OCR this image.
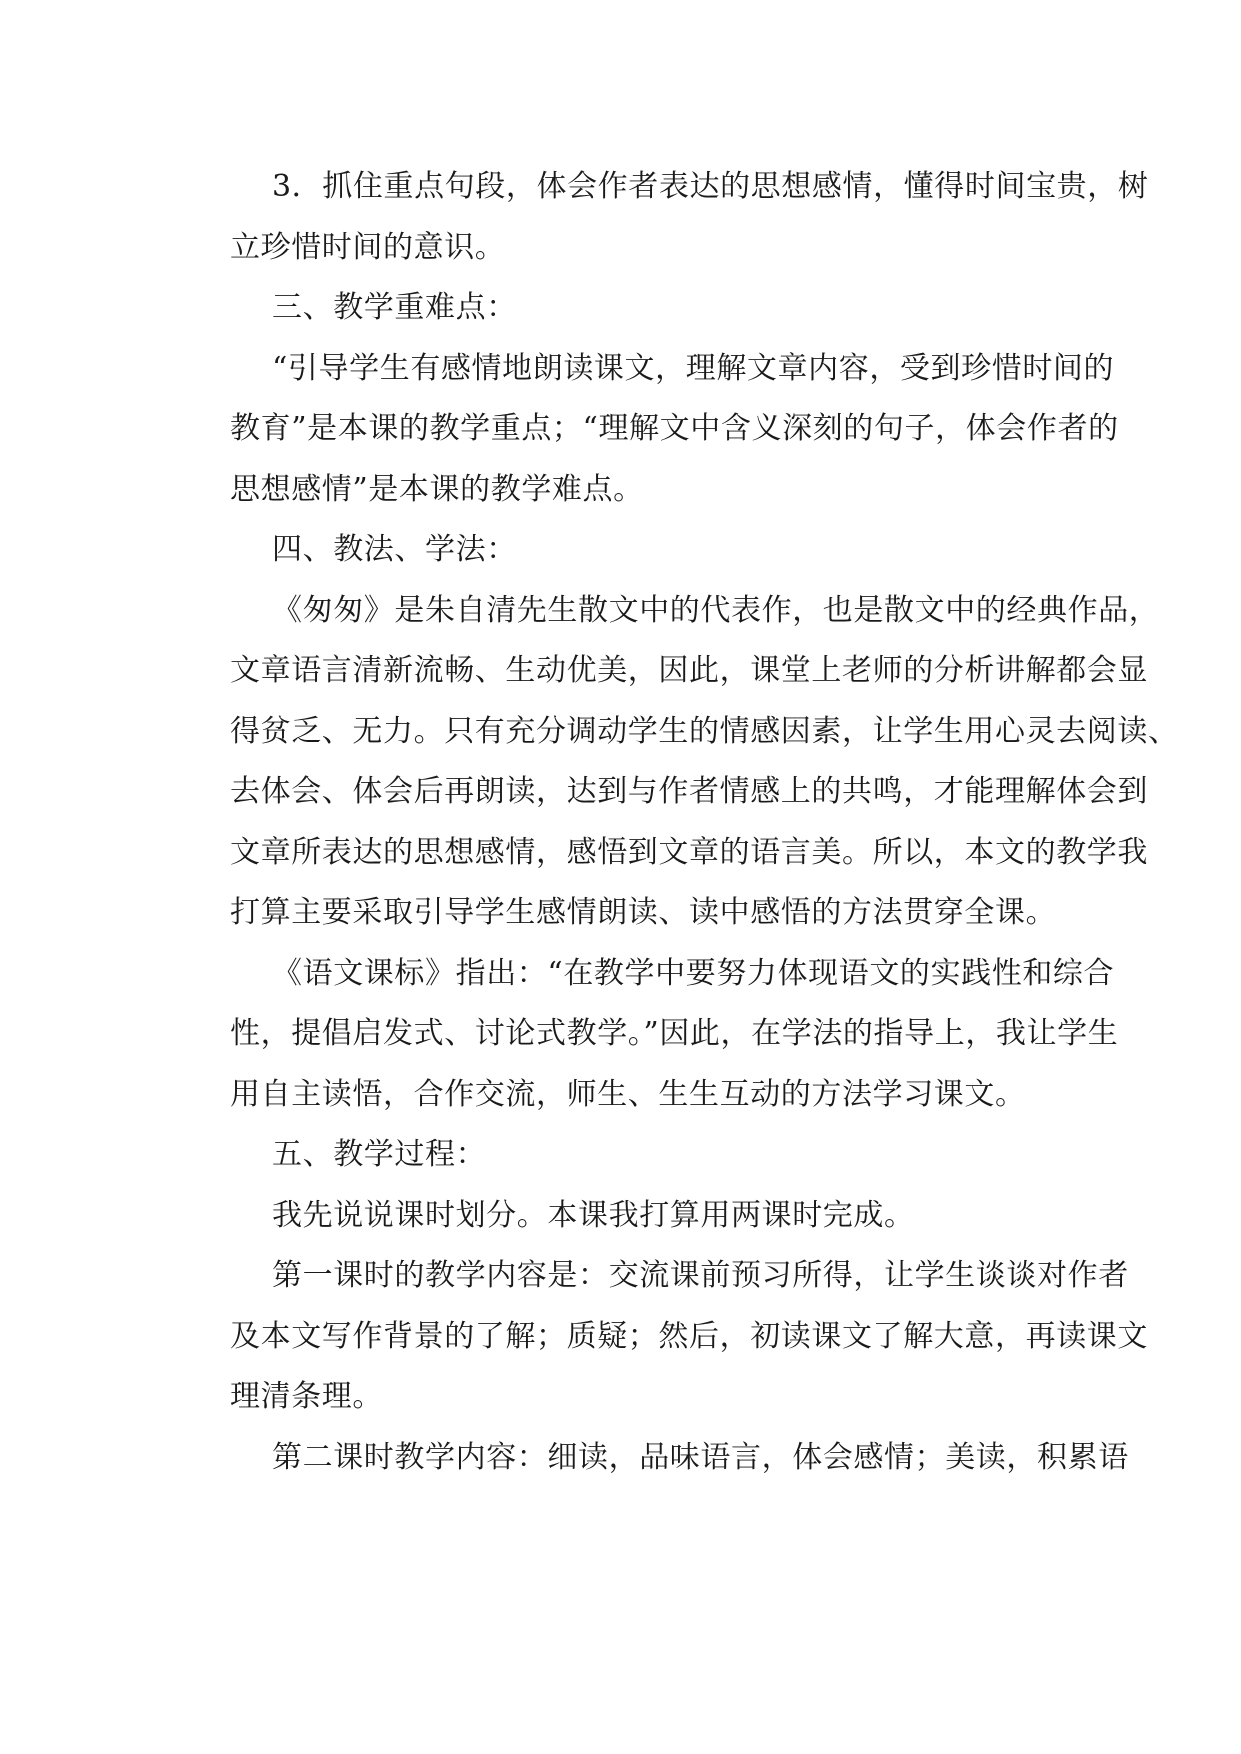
3．抓住重点句段，体会作者表达的思想感情，懂得时间宝贵，树
立珍惜时间的意识。
三、教学重难点：
“引导学生有感情地朗读课文，理解文章内容，受到珍惜时间的
教育”是本课的教学重点；“理解文中含义深刻的句子，体会作者的
思想感情”是本课的教学难点。
四、教法、学法：
《匆匆》是朱自清先生散文中的代表作，也是散文中的经典作品，
文章语言清新流畅、生动优美，因此，课堂上老师的分析讲解都会显
得贫乏、无力。只有充分调动学生的情感因素，让学生用心灵去阅读、
去体会、体会后再朗读，达到与作者情感上的共鸣，才能理解体会到
文章所表达的思想感情，感悟到文章的语言美。所以，本文的教学我
打算主要采取引导学生感情朗读、读中感悟的方法贯穿全课。
《语文课标》指出：“在教学中要努力体现语文的实践性和综合
性，提倡启发式、讨论式教学。”因此，在学法的指导上，我让学生
用自主读悟，合作交流，师生、生生互动的方法学习课文。
五、教学过程：
我先说说课时划分。本课我打算用两课时完成。
第一课时的教学内容是：交流课前预习所得，让学生谈谈对作者
及本文写作背景的了解；质疑；然后，初读课文了解大意，再读课文
理清条理。
第二课时教学内容：细读，品味语言，体会感情；美读，积累语
